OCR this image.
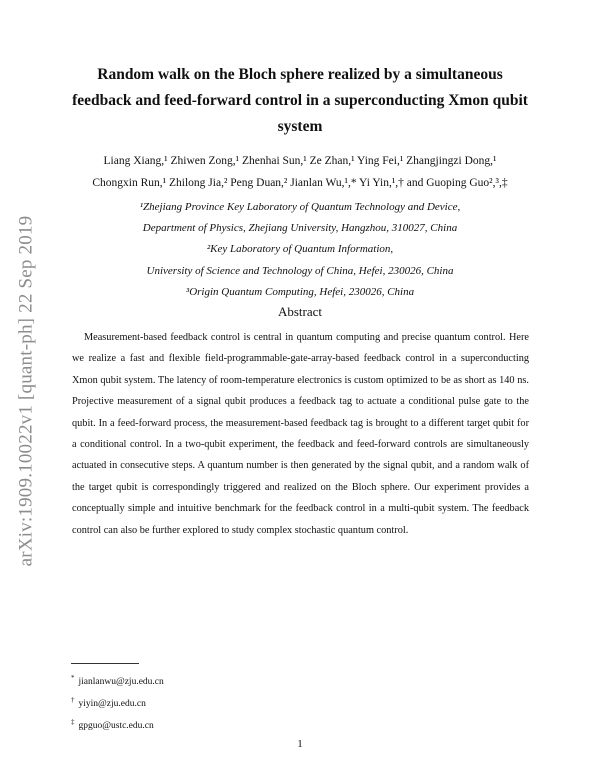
arXiv:1909.10022v1 [quant-ph] 22 Sep 2019
Random walk on the Bloch sphere realized by a simultaneous feedback and feed-forward control in a superconducting Xmon qubit system
Liang Xiang,¹ Zhiwen Zong,¹ Zhenhai Sun,¹ Ze Zhan,¹ Ying Fei,¹ Zhangjingzi Dong,¹
Chongxin Run,¹ Zhilong Jia,² Peng Duan,² Jianlan Wu,¹,* Yi Yin,¹,† and Guoping Guo²,³,‡

¹Zhejiang Province Key Laboratory of Quantum Technology and Device,

Department of Physics, Zhejiang University, Hangzhou, 310027, China

²Key Laboratory of Quantum Information,

University of Science and Technology of China, Hefei, 230026, China

³Origin Quantum Computing, Hefei, 230026, China

Abstract

Measurement-based feedback control is central in quantum computing and precise quantum control. Here we realize a fast and flexible field-programmable-gate-array-based feedback control in a superconducting Xmon qubit system. The latency of room-temperature electronics is custom optimized to be as short as 140 ns. Projective measurement of a signal qubit produces a feedback tag to actuate a conditional pulse gate to the qubit. In a feed-forward process, the measurement-based feedback tag is brought to a different target qubit for a conditional control. In a two-qubit experiment, the feedback and feed-forward controls are simultaneously actuated in consecutive steps. A quantum number is then generated by the signal qubit, and a random walk of the target qubit is correspondingly triggered and realized on the Bloch sphere. Our experiment provides a conceptually simple and intuitive benchmark for the feedback control in a multi-qubit system. The feedback control can also be further explored to study complex stochastic quantum control.

* jianlanwu@zju.edu.cn
† yiyin@zju.edu.cn
‡ gpguo@ustc.edu.cn
1
